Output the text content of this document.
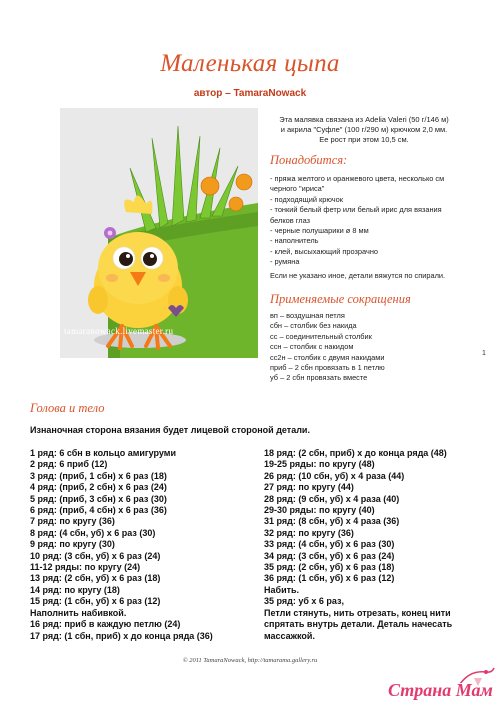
Маленькая цыпа
автор – TamaraNowack
tamaranowack.livemaster.ru
Эта малявка связана из Adelia Valeri (50 г/146 м)
и акрила "Суфле" (100 г/290 м) крючком 2,0 мм.
Ее рост при этом 10,5 см.
Понадобится:
- пряжа желтого и оранжевого цвета, несколько см
черного "ириса"
- подходящий крючок
- тонкий белый фетр или белый ирис для вязания
белков глаз
- черные полушарики ø 8 мм
- наполнитель
- клей, высыхающий прозрачно
- румяна
Если не указано иное, детали вяжутся по спирали.
Применяемые сокращения
вп – воздушная петля
сбн – столбик без накида
сс – соединительный столбик
ссн – столбик с накидом
сс2н – столбик с двумя накидами
приб – 2 сбн провязать в 1 петлю
уб – 2 сбн провязать вместе
1
Голова и тело
Изнаночная сторона вязания будет лицевой стороной детали.
1 ряд: 6 сбн в кольцо амигуруми
2 ряд: 6 приб (12)
3 ряд: (приб, 1 сбн) х 6 раз (18)
4 ряд: (приб, 2 сбн) х 6 раз (24)
5 ряд: (приб, 3 сбн) х 6 раз (30)
6 ряд: (приб, 4 сбн) х 6 раз (36)
7 ряд: по кругу (36)
8 ряд: (4 сбн, уб) х 6 раз (30)
9 ряд: по кругу (30)
10 ряд: (3 сбн, уб) х 6 раз (24)
11-12 ряды: по кругу (24)
13 ряд: (2 сбн, уб) х 6 раз (18)
14 ряд: по кругу (18)
15 ряд: (1 сбн, уб) х 6 раз (12)
Наполнить набивкой.
16 ряд: приб в каждую петлю (24)
17 ряд: (1 сбн, приб) х до конца ряда (36)
18 ряд: (2 сбн, приб) х до конца ряда (48)
19-25 ряды: по кругу (48)
26 ряд: (10 сбн, уб) х 4 раза (44)
27 ряд: по кругу (44)
28 ряд: (9 сбн, уб) х 4 раза (40)
29-30 ряды: по кругу (40)
31 ряд: (8 сбн, уб) х 4 раза (36)
32 ряд: по кругу (36)
33 ряд: (4 сбн, уб) х 6 раз (30)
34 ряд: (3 сбн, уб) х 6 раз (24)
35 ряд: (2 сбн, уб) х 6 раз (18)
36 ряд: (1 сбн, уб) х 6 раз (12)
Набить.
35 ряд: уб х 6 раз,
Петли стянуть, нить отрезать, конец нити спрятать внутрь детали. Деталь начесать массажкой.
© 2011 TamaraNowack, http://tamarama.gallery.ru
Страна Мам
